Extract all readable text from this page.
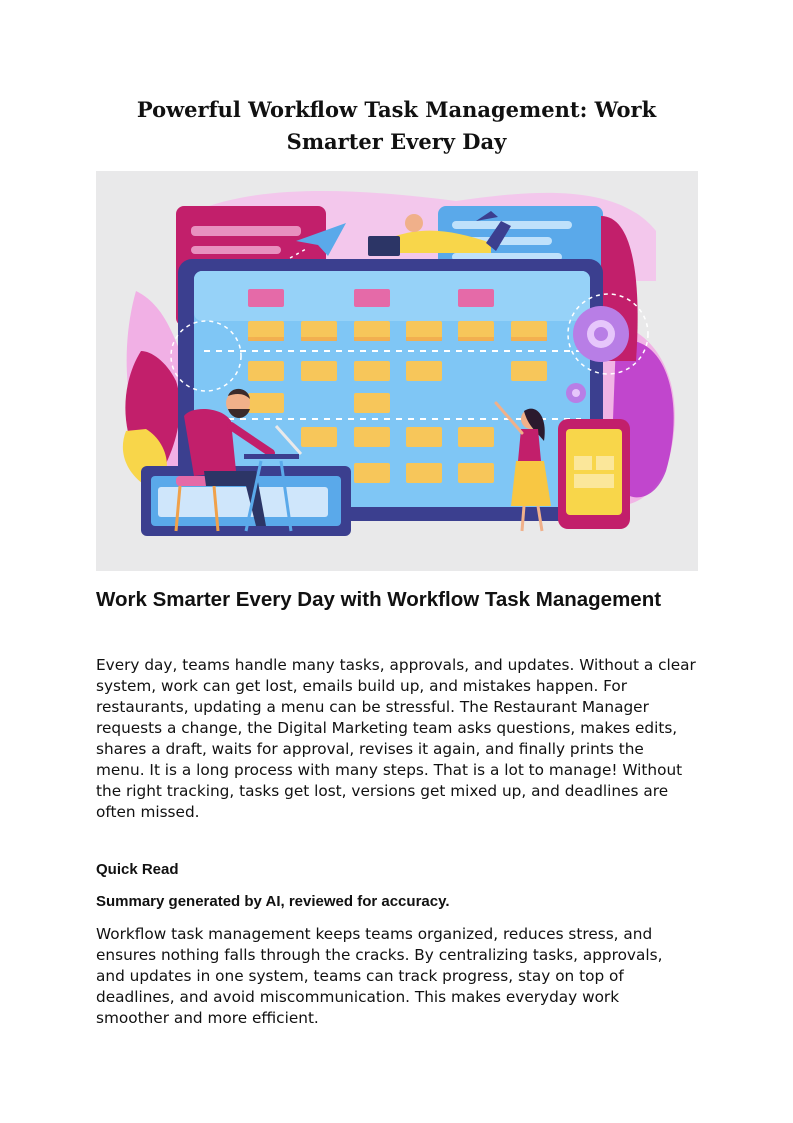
Powerful Workflow Task Management: Work Smarter Every Day
Work Smarter Every Day with Workflow Task Management

Every day, teams handle many tasks, approvals, and updates. Without a clear system, work can get lost, emails build up, and mistakes happen. For restaurants, updating a menu can be stressful. The Restaurant Manager requests a change, the Digital Marketing team asks questions, makes edits, shares a draft, waits for approval, revises it again, and finally prints the menu. It is a long process with many steps. That is a lot to manage! Without the right tracking, tasks get lost, versions get mixed up, and deadlines are often missed.

Quick Read

Summary generated by AI, reviewed for accuracy.

Workflow task management keeps teams organized, reduces stress, and ensures nothing falls through the cracks. By centralizing tasks, approvals, and updates in one system, teams can track progress, stay on top of deadlines, and avoid miscommunication. This makes everyday work smoother and more efficient.
